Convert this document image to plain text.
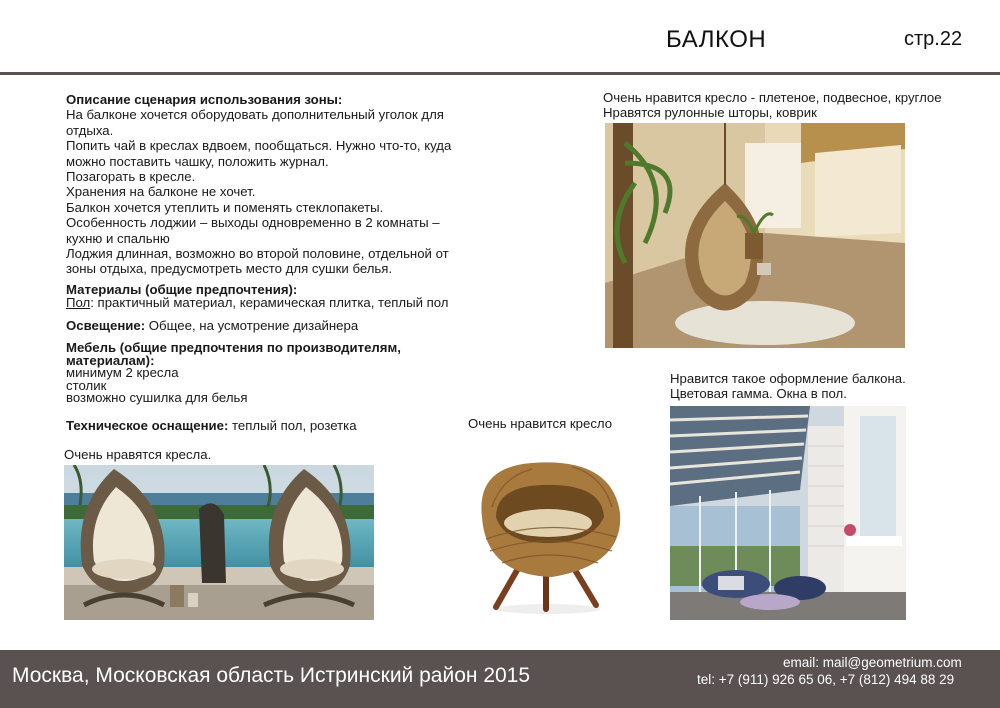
БАЛКОН	стр.22
Описание сценария использования зоны:
На балконе хочется оборудовать дополнительный уголок для
отдыха.
Попить чай в креслах вдвоем, пообщаться. Нужно что-то, куда
можно поставить чашку, положить журнал.
Позагорать в кресле.
Хранения на балконе не хочет.
Балкон хочется утеплить и поменять стеклопакеты.
Особенность лоджии – выходы одновременно в 2 комнаты –
кухню и спальню
Лоджия длинная, возможно во второй половине, отдельной от
зоны отдыха, предусмотреть место для сушки белья.
Материалы (общие предпочтения):
Пол: практичный материал, керамическая плитка, теплый пол
Освещение: Общее, на усмотрение дизайнера
Мебель (общие предпочтения по производителям,
материалам):
минимум 2 кресла
столик
возможно сушилка для белья
Техническое оснащение: теплый пол, розетка
Очень нравятся кресла.
Очень нравится кресло
Очень нравится кресло - плетеное, подвесное, круглое
Нравятся рулонные шторы, коврик
Нравится такое оформление балкона.
Цветовая гамма. Окна в пол.
Москва, Московская область Истринский район 2015
email: mail@geometrium.com
tel: +7 (911) 926 65 06, +7 (812) 494 88 29
